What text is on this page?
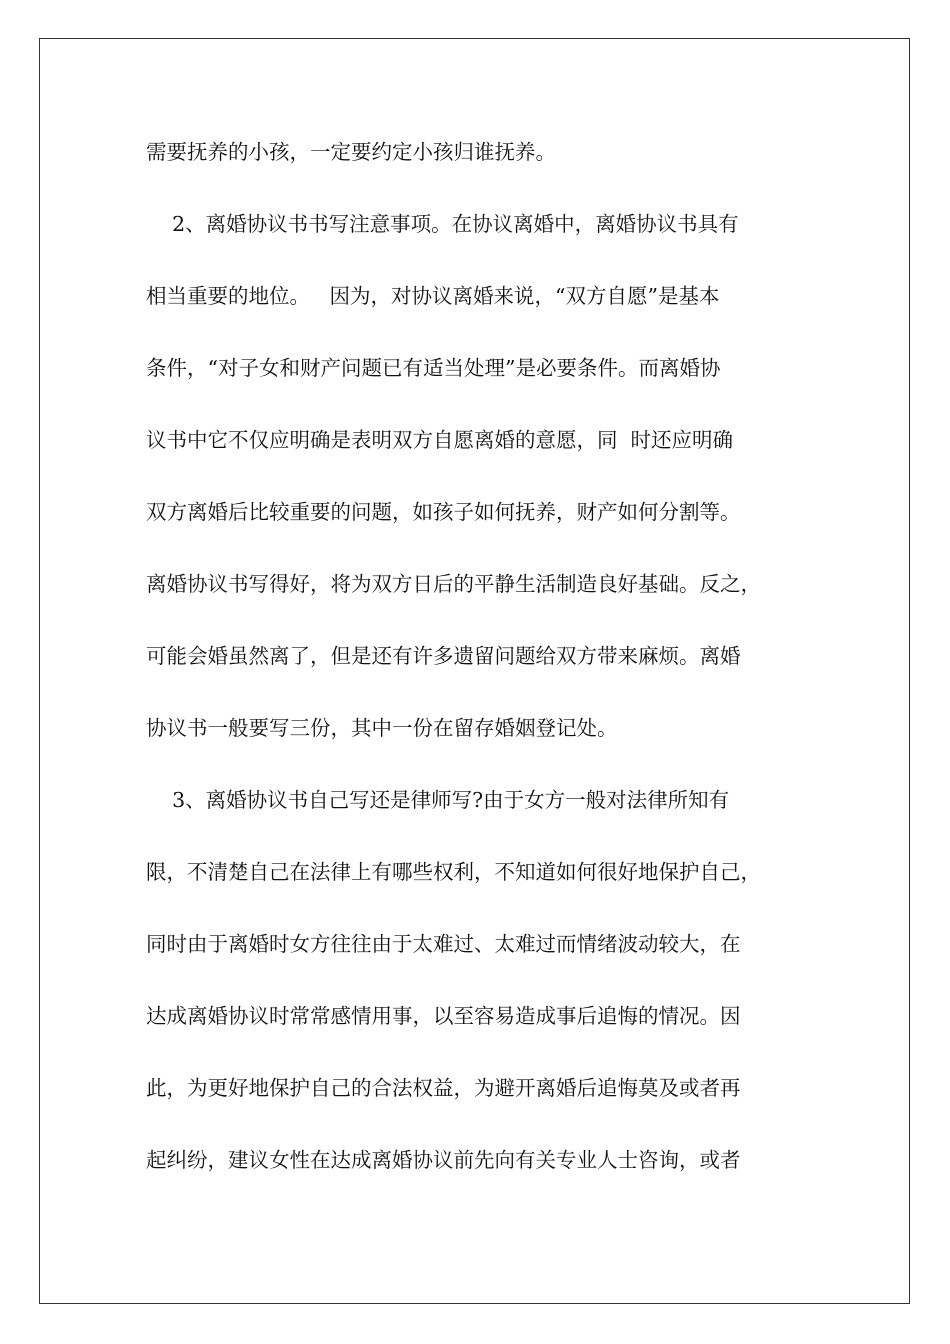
需要抚养的小孩，一定要约定小孩归谁抚养。

2、离婚协议书书写注意事项。在协议离婚中，离婚协议书具有

相当重要的地位。   因为，对协议离婚来说，“双方自愿”是基本

条件，“对子女和财产问题已有适当处理”是必要条件。而离婚协

议书中它不仅应明确是表明双方自愿离婚的意愿，同  时还应明确

双方离婚后比较重要的问题，如孩子如何抚养，财产如何分割等。

离婚协议书写得好，将为双方日后的平静生活制造良好基础。反之，

可能会婚虽然离了，但是还有许多遗留问题给双方带来麻烦。离婚

协议书一般要写三份，其中一份在留存婚姻登记处。

3、离婚协议书自己写还是律师写?由于女方一般对法律所知有

限，不清楚自己在法律上有哪些权利，不知道如何很好地保护自己，

同时由于离婚时女方往往由于太难过、太难过而情绪波动较大，在

达成离婚协议时常常感情用事，以至容易造成事后追悔的情况。因

此，为更好地保护自己的合法权益，为避开离婚后追悔莫及或者再

起纠纷，建议女性在达成离婚协议前先向有关专业人士咨询，或者
